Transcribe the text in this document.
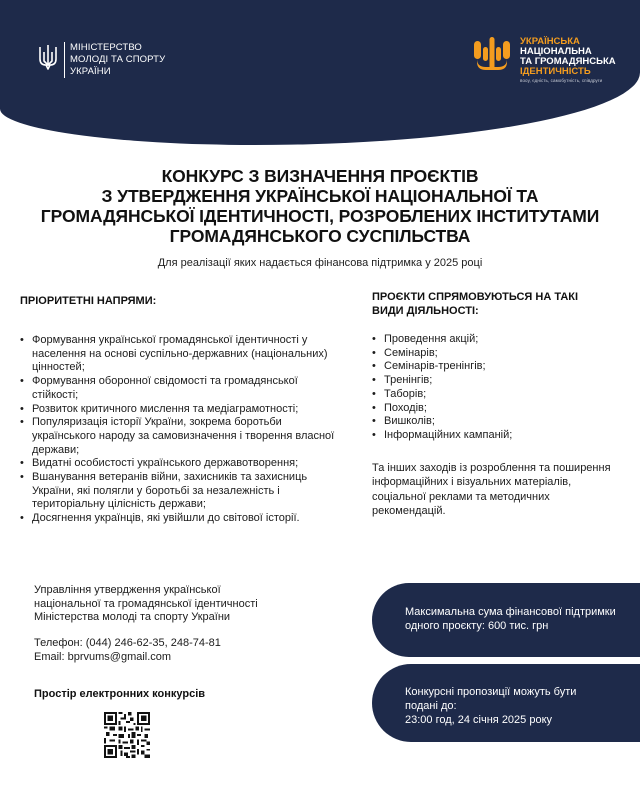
МІНІСТЕРСТВО
МОЛОДІ ТА СПОРТУ
УКРАЇНИ
УКРАЇНСЬКА
НАЦІОНАЛЬНА
ТА ГРОМАДЯНСЬКА
ІДЕНТИЧНІСТЬ
вооу, єдність, самобутність, співдруги
КОНКУРС З ВИЗНАЧЕННЯ ПРОЄКТІВ
З УТВЕРДЖЕННЯ УКРАЇНСЬКОЇ НАЦІОНАЛЬНОЇ ТА
ГРОМАДЯНСЬКОЇ ІДЕНТИЧНОСТІ, РОЗРОБЛЕНИХ ІНСТИТУТАМИ
ГРОМАДЯНСЬКОГО СУСПІЛЬСТВА
Для реалізації яких надається фінансова підтримка у 2025 році
ПРІОРИТЕТНІ НАПРЯМИ:
• Формування української громадянської ідентичності у
населення на основі суспільно-державних (національних)
цінностей;
• Формування оборонної свідомості та громадянської
стійкості;
• Розвиток критичного мислення та медіаграмотності;
• Популяризація історії України, зокрема боротьби
українського народу за самовизначення і творення власної
держави;
• Видатні особистості українського державотворення;
• Вшанування ветеранів війни, захисників та захисниць
України, які полягли у боротьбі за незалежність і
територіальну цілісність держави;
• Досягнення українців, які увійшли до світової історії.
ПРОЄКТИ СПРЯМОВУЮТЬСЯ НА ТАКІ
ВИДИ ДІЯЛЬНОСТІ:
• Проведення акцій;
• Семінарів;
• Семінарів-тренінгів;
• Тренінгів;
• Таборів;
• Походів;
• Вишколів;
• Інформаційних кампаній;
Та інших заходів із розроблення та поширення
інформаційних і візуальних матеріалів,
соціальної реклами та методичних
рекомендацій.
Управління утвердження української
національної та громадянської ідентичності
Міністерства молоді та спорту України
Телефон: (044) 246-62-35, 248-74-81
Email: bprvums@gmail.com
Простір електронних конкурсів
Максимальна сума фінансової підтримки
одного проєкту: 600 тис. грн
Конкурсні пропозиції можуть бути
подані до:
23:00 год, 24 січня 2025 року
